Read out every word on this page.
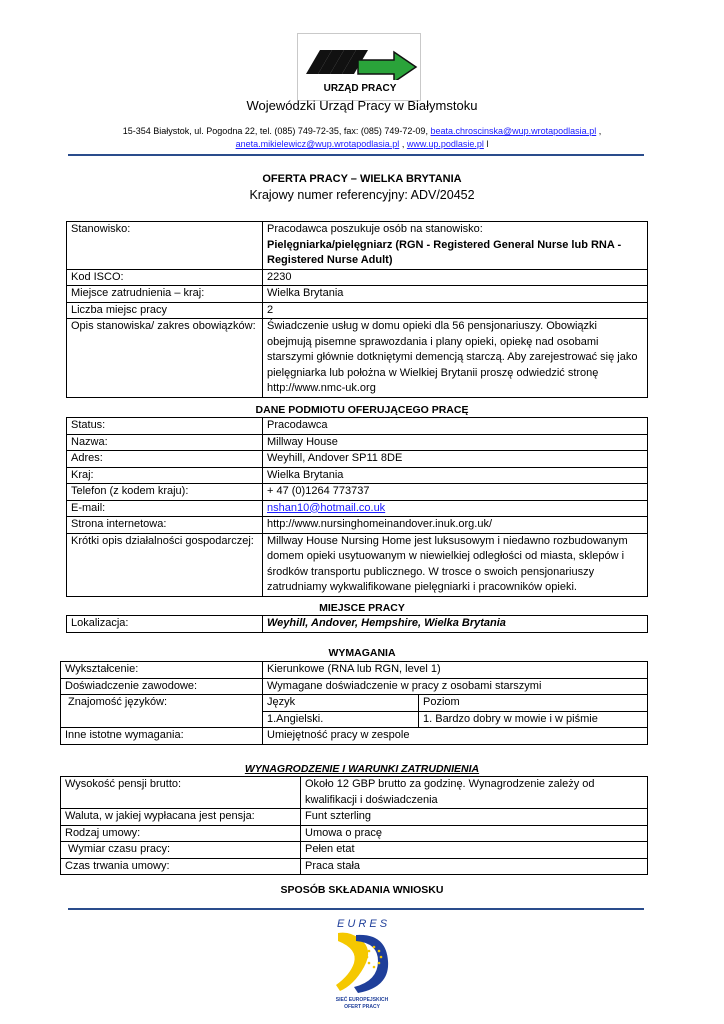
URZĄD PRACY
Wojewódzki Urząd Pracy w Białymstoku
15-354 Białystok, ul. Pogodna 22, tel. (085) 749-72-35, fax: (085) 749-72-09, beata.chroscinska@wup.wrotapodlasia.pl ,
aneta.mikielewicz@wup.wrotapodlasia.pl , www.up.podlasie.pl l
OFERTA PRACY – WIELKA BRYTANIA
Krajowy numer referencyjny: ADV/20452
Stanowisko:	Pracodawca poszukuje osób na stanowisko:
Pielęgniarka/pielęgniarz (RGN - Registered General Nurse lub RNA - Registered Nurse Adult)
Kod ISCO:	2230
Miejsce zatrudnienia – kraj:	Wielka Brytania
Liczba miejsc pracy	2
Opis stanowiska/ zakres obowiązków:	Świadczenie usług w domu opieki dla 56 pensjonariuszy. Obowiązki obejmują pisemne sprawozdania i plany opieki, opiekę nad osobami starszymi głównie dotkniętymi demencją starczą. Aby zarejestrować się jako pielęgniarka lub położna w Wielkiej Brytanii proszę odwiedzić stronę http://www.nmc-uk.org
DANE PODMIOTU OFERUJĄCEGO PRACĘ
Status:	Pracodawca
Nazwa:	Millway House
Adres:	Weyhill, Andover SP11 8DE
Kraj:	Wielka Brytania
Telefon (z kodem kraju):	+ 47 (0)1264 773737
E-mail:	nshan10@hotmail.co.uk
Strona internetowa:	http://www.nursinghomeinandover.inuk.org.uk/
Krótki opis działalności gospodarczej:	Millway House Nursing Home jest luksusowym i niedawno rozbudowanym domem opieki usytuowanym w niewielkiej odległości od miasta, sklepów i środków transportu publicznego. W trosce o swoich pensjonariuszy zatrudniamy wykwalifikowane pielęgniarki i pracowników opieki.
MIEJSCE PRACY
Lokalizacja:	Weyhill, Andover, Hempshire, Wielka Brytania
WYMAGANIA
Wykształcenie:	Kierunkowe (RNA lub RGN, level 1)	
Doświadczenie zawodowe:	Wymagane doświadczenie w pracy z osobami starszymi	
Znajomość języków:	Język	Poziom
	1.Angielski.	1. Bardzo dobry w mowie i w piśmie
Inne istotne wymagania:	Umiejętność pracy w zespole	
WYNAGRODZENIE I WARUNKI ZATRUDNIENIA
Wysokość pensji brutto:	Około 12 GBP brutto za godzinę. Wynagrodzenie zależy od kwalifikacji i doświadczenia
Waluta, w jakiej wypłacana jest pensja:	Funt szterling
Rodzaj umowy:	Umowa o pracę
Wymiar czasu pracy:	Pełen etat
Czas trwania umowy:	Praca stała
SPOSÓB SKŁADANIA WNIOSKU
E U R E S
SIEĆ EUROPEJSKICH
OFERT PRACY
